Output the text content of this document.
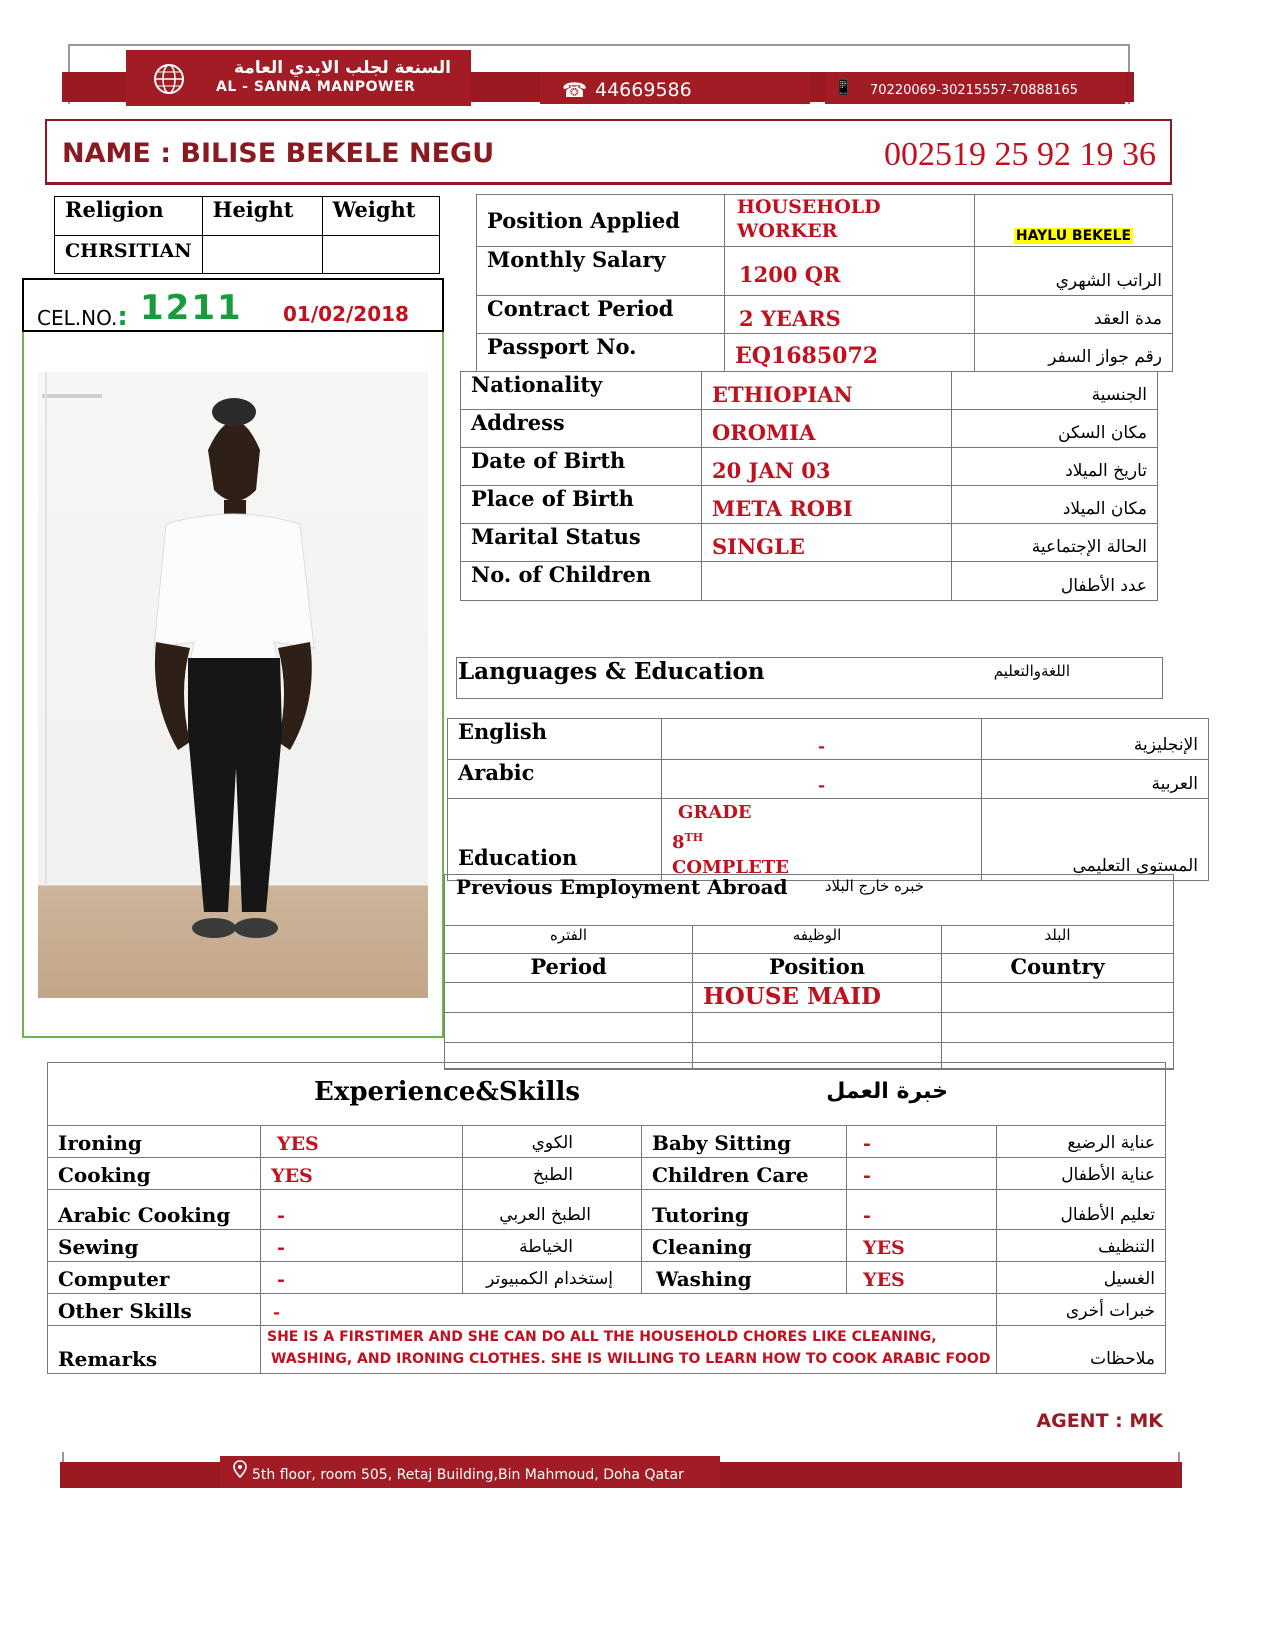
السنعة لجلب الايدي العامة
AL - SANNA MANPOWER	☎ 44669586	📱 70220069-30215557-70888165
NAME : BILISE BEKELE NEGU	002519 25 92 19 36
Religion	Height	Weight
CHRSITIAN		
CEL.NO.: 1211 01/02/2018
Position Applied	HOUSEHOLD WORKER	HAYLU BEKELE
Monthly Salary	1200 QR	الراتب الشهري
Contract Period	2 YEARS	مدة العقد
Passport No.	EQ1685072	رقم جواز السفر
Nationality	ETHIOPIAN	الجنسية
Address	OROMIA	مكان السكن
Date of Birth	20 JAN 03	تاريخ الميلاد
Place of Birth	META ROBI	مكان الميلاد
Marital Status	SINGLE	الحالة الإجتماعية
No. of Children		عدد الأطفال
Languages & Education	اللغةوالتعليم
English	-	الإنجليزية
Arabic	-	العربية
Education	GRADE
8TH
COMPLETE	المستوى التعليمي
Previous Employment Abroad	خبره خارج البلاد
الفتره	الوظيفه	البلد
Period	Position	Country
	HOUSE MAID	

Experience&Skills خبرة العمل					

Ironing	YES	الكوي	Baby Sitting	-	عناية الرضيع
Cooking	YES	الطبخ	Children Care	-	عناية الأطفال
Arabic Cooking	-	الطبخ العربي	Tutoring	-	تعليم الأطفال
Sewing	-	الخياطة	Cleaning	YES	التنظيف
Computer	-	إستخدام الكمبيوتر	Washing	YES	الغسيل
Other Skills	-				خبرات أخرى
Remarks	SHE IS A FIRSTIMER AND SHE CAN DO ALL THE HOUSEHOLD CHORES LIKE CLEANING,
WASHING, AND IRONING CLOTHES. SHE IS WILLING TO LEARN HOW TO COOK ARABIC FOOD				ملاحظات
AGENT : MK
5th floor, room 505, Retaj Building,Bin Mahmoud, Doha Qatar
